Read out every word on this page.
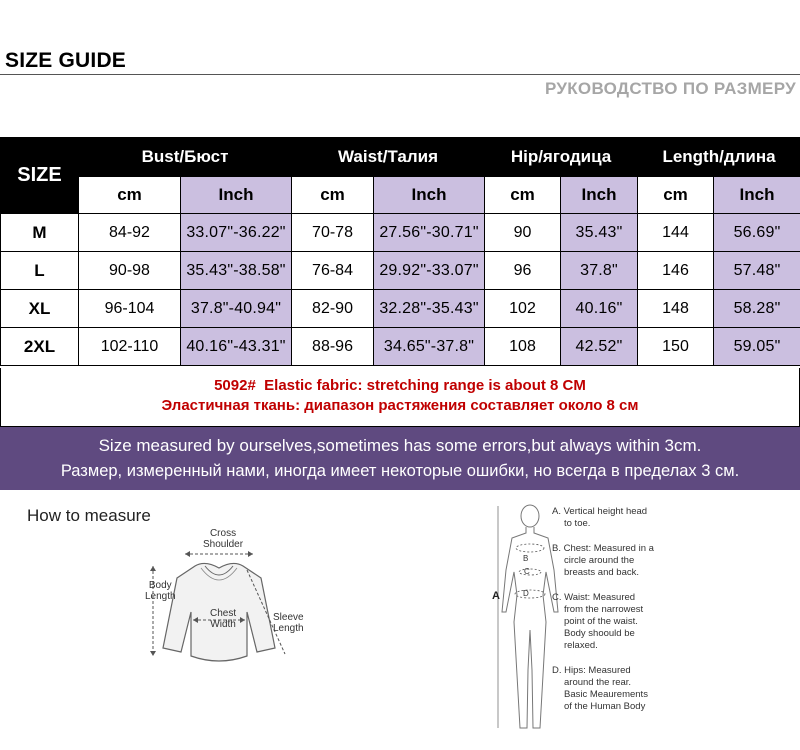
SIZE GUIDE
РУКОВОДСТВО ПО РАЗМЕРУ
SIZE	Bust/Бюст		Waist/Талия		Hip/ягодица		Length/длина	
	cm	Inch	cm	Inch	cm	Inch	cm	Inch
M	84-92	33.07"-36.22"	70-78	27.56"-30.71"	90	35.43"	144	56.69"
L	90-98	35.43"-38.58"	76-84	29.92"-33.07"	96	37.8"	146	57.48"
XL	96-104	37.8"-40.94"	82-90	32.28"-35.43"	102	40.16"	148	58.28"
2XL	102-110	40.16"-43.31"	88-96	34.65"-37.8"	108	42.52"	150	59.05"
5092#  Elastic fabric: stretching range is about 8 CM
Эластичная ткань: диапазон растяжения составляет около 8 см
Size measured by ourselves,sometimes has some errors,but always within 3cm.
Размер, измеренный нами, иногда имеет некоторые ошибки, но всегда в пределах 3 см.
How to measure
Cross
Shoulder
Body
Length
Chest
Width
Sleeve
Length
A
B
C
D
A. Vertical height head
to toe.
B. Chest: Measured in a
circle around the
breasts and back.
C. Waist: Measured
from the narrowest
point of the waist.
Body shoould be
relaxed.
D. Hips: Measured
around the rear.
Basic Meaurements
of the Human Body
